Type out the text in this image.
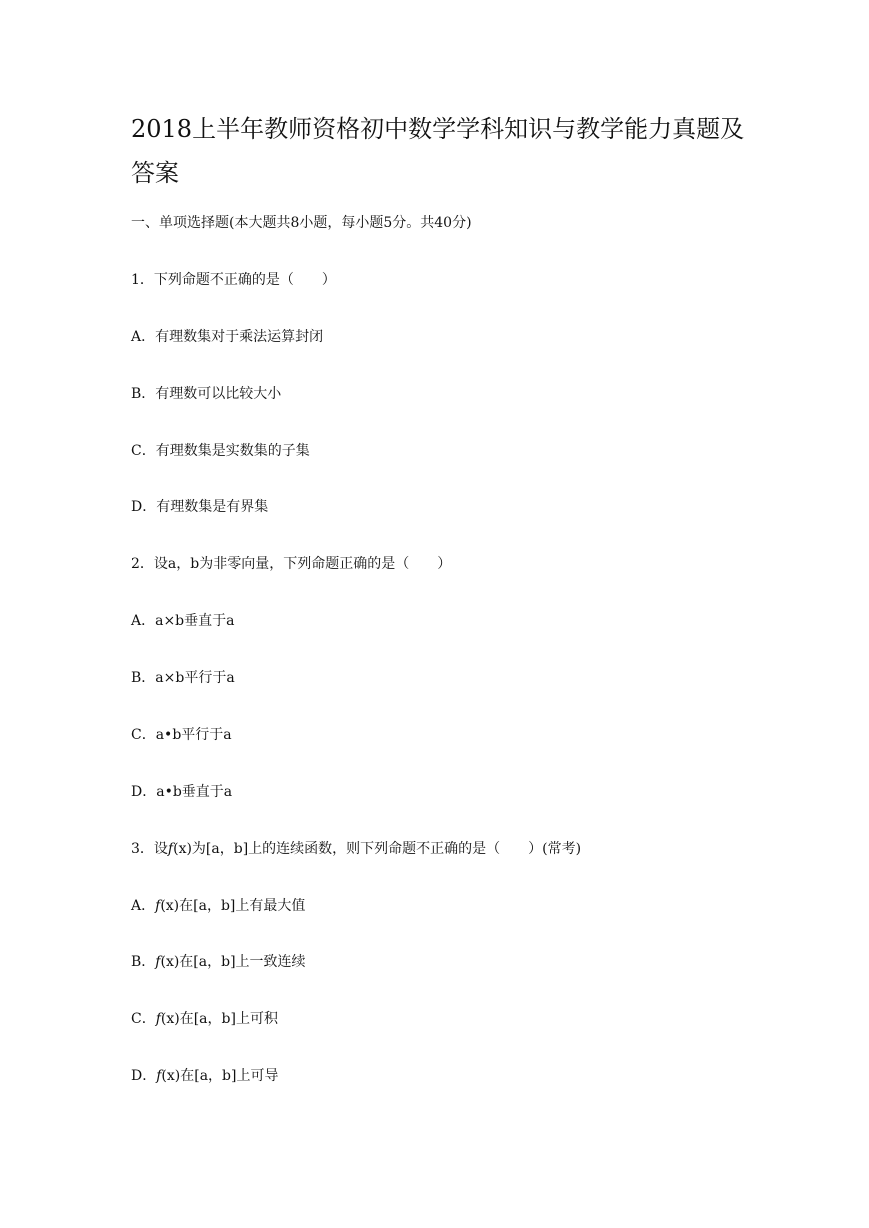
2018上半年教师资格初中数学学科知识与教学能力真题及
答案

一、单项选择题(本大题共8小题，每小题5分。共40分)

1．下列命题不正确的是（　　）

A．有理数集对于乘法运算封闭

B．有理数可以比较大小

C．有理数集是实数集的子集

D．有理数集是有界集

2．设a，b为非零向量，下列命题正确的是（　　）

A．a×b垂直于a

B．a×b平行于a

C．a•b平行于a

D．a•b垂直于a

3．设f(x)为[a，b]上的连续函数，则下列命题不正确的是（　　）(常考)

A．f(x)在[a，b]上有最大值

B．f(x)在[a，b]上一致连续

C．f(x)在[a，b]上可积

D．f(x)在[a，b]上可导
